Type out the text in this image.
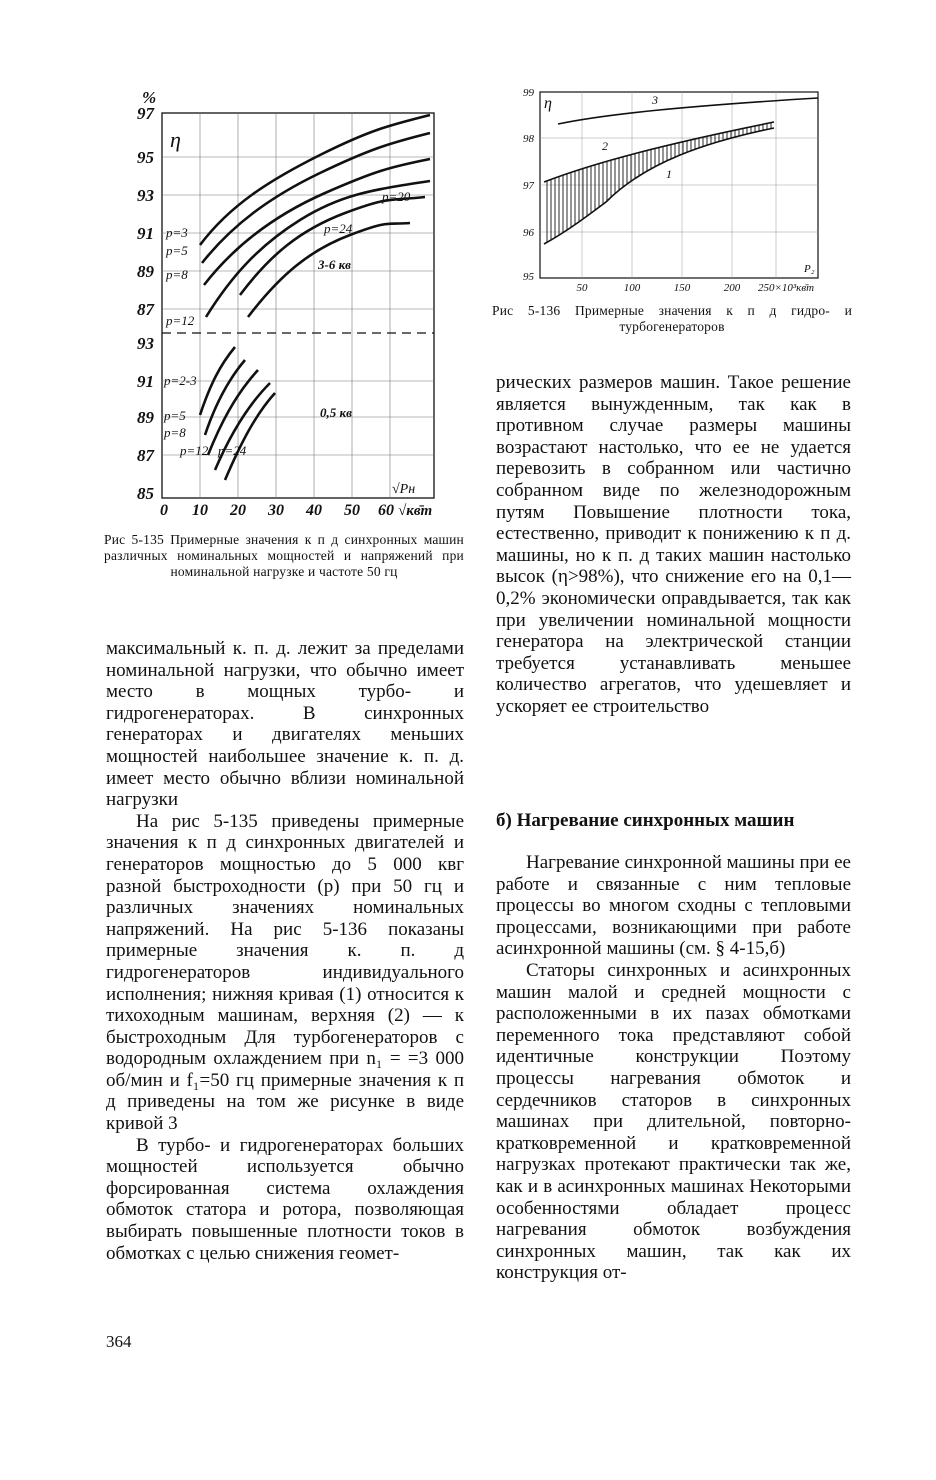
%
97
95
93
91
89
87
93
91
89
87
85
η
0 10 20 30 40 50 60 √кв̄т
√Pн
p=3
p=5
p=8
p=12
p=20
p=24
3-6 кв
p=2-3
p=5
p=8
p=12 p=24
0,5 кв
Рис 5-135 Примерные значения к п д синхронных машин различных номинальных мощностей и напряжений при номинальной нагрузке и частоте 50 гц
99
98
97
96
95
η
50	100	150	200 250×10³кв̄т
P₂
1
2
3
Рис 5-136 Примерные значения к п д гидро- и турбогенераторов

максимальный к. п. д. лежит за пределами номинальной нагрузки, что обычно имеет место в мощных турбо- и гидрогенераторах. В синхронных генераторах и двигателях меньших мощностей наибольшее значение к. п. д. имеет место обычно вблизи номинальной нагрузки

На рис 5-135 приведены примерные значения к п д синхронных двигателей и генераторов мощностью до 5 000 квг разной быстроходности (p) при 50 гц и различных значениях номинальных напряжений. На рис 5-136 показаны примерные значения к. п. д гидрогенераторов индивидуального исполнения; нижняя кривая (1) относится к тихоходным машинам, верхняя (2) — к быстроходным Для турбогенераторов с водородным охлаждением при n₁ = =3 000 об/мин и f₁=50 гц примерные значения к п д приведены на том же рисунке в виде кривой 3

В турбо- и гидрогенераторах больших мощностей используется обычно форсированная система охлаждения обмоток статора и ротора, позволяющая выбирать повышенные плотности токов в обмотках с целью снижения геомет-

рических размеров машин. Такое решение является вынужденным, так как в противном случае размеры машины возрастают настолько, что ее не удается перевозить в собранном или частично собранном виде по железнодорожным путям Повышение плотности тока, естественно, приводит к понижению к п д. машины, но к п. д таких машин настолько высок (η>98%), что снижение его на 0,1—0,2% экономически оправдывается, так как при увеличении номинальной мощности генератора на электрической станции требуется устанавливать меньшее количество агрегатов, что удешевляет и ускоряет ее строительство

б) Нагревание синхронных машин

Нагревание синхронной машины при ее работе и связанные с ним тепловые процессы во многом сходны с тепловыми процессами, возникающими при работе асинхронной машины (см. § 4-15,б)

Статоры синхронных и асинхронных машин малой и средней мощности с расположенными в их пазах обмотками переменного тока представляют собой идентичные конструкции Поэтому процессы нагревания обмоток и сердечников статоров в синхронных машинах при длительной, повторно-кратковременной и кратковременной нагрузках протекают практически так же, как и в асинхронных машинах Некоторыми особенностями обладает процесс нагревания обмоток возбуждения синхронных машин, так как их конструкция от-

364
